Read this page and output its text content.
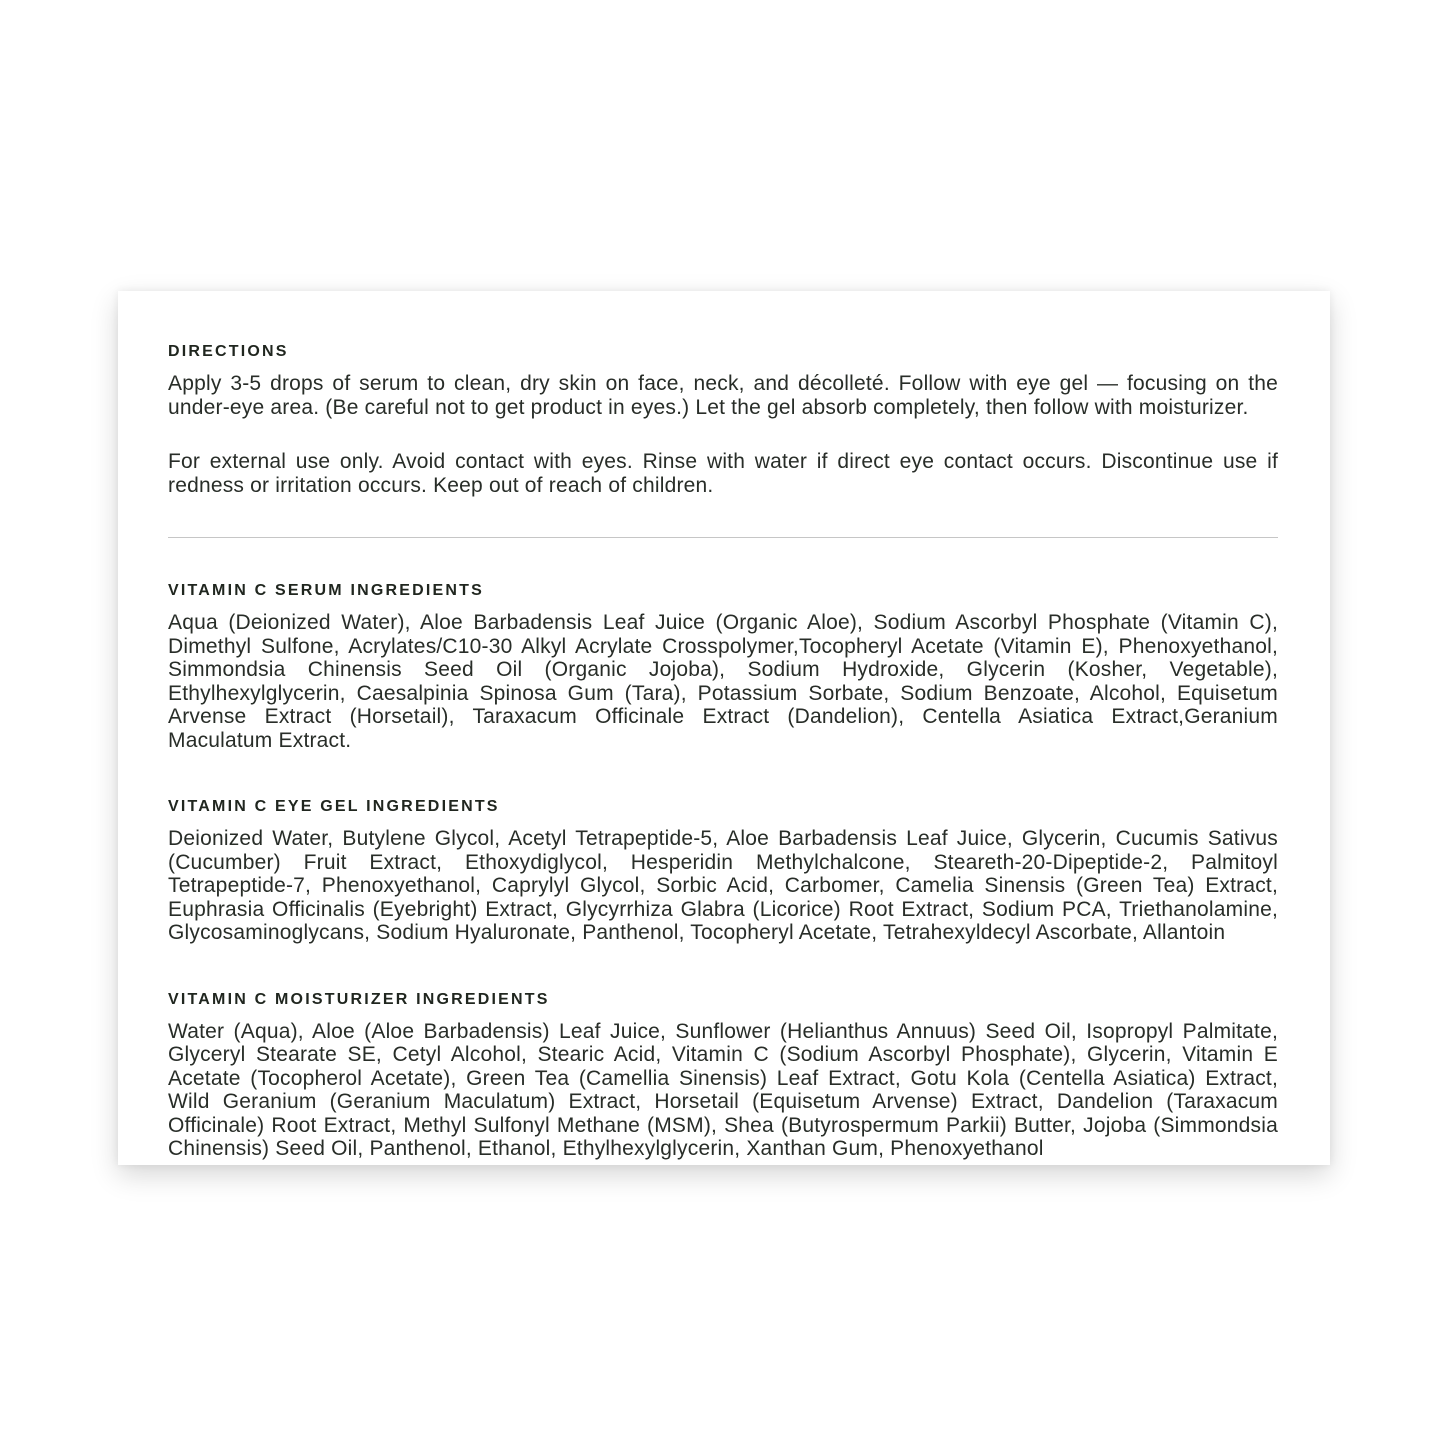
DIRECTIONS

Apply 3-5 drops of serum to clean, dry skin on face, neck, and décolleté. Follow with eye gel — focusing on the under-eye area. (Be careful not to get product in eyes.) Let the gel absorb completely, then follow with moisturizer.

For external use only. Avoid contact with eyes. Rinse with water if direct eye contact occurs. Discontinue use if redness or irritation occurs. Keep out of reach of children.

VITAMIN C SERUM INGREDIENTS

Aqua (Deionized Water), Aloe Barbadensis Leaf Juice (Organic Aloe), Sodium Ascorbyl Phosphate (Vitamin C), Dimethyl Sulfone, Acrylates/C10-30 Alkyl Acrylate Crosspolymer,Tocopheryl Acetate (Vitamin E), Phenoxyethanol, Simmondsia Chinensis Seed Oil (Organic Jojoba), Sodium Hydroxide, Glycerin (Kosher, Vegetable), Ethylhexylglycerin, Caesalpinia Spinosa Gum (Tara), Potassium Sorbate, Sodium Benzoate, Alcohol, Equisetum Arvense Extract (Horsetail), Taraxacum Officinale Extract (Dandelion), Centella Asiatica Extract,Geranium Maculatum Extract.

VITAMIN C EYE GEL INGREDIENTS

Deionized Water, Butylene Glycol, Acetyl Tetrapeptide-5, Aloe Barbadensis Leaf Juice, Glycerin, Cucumis Sativus (Cucumber) Fruit Extract, Ethoxydiglycol, Hesperidin Methylchalcone, Steareth-20-Dipeptide-2, Palmitoyl Tetrapeptide-7, Phenoxyethanol, Caprylyl Glycol, Sorbic Acid, Carbomer, Camelia Sinensis (Green Tea) Extract, Euphrasia Officinalis (Eyebright) Extract, Glycyrrhiza Glabra (Licorice) Root Extract, Sodium PCA, Triethanolamine, Glycosaminoglycans, Sodium Hyaluronate, Panthenol, Tocopheryl Acetate, Tetrahexyldecyl Ascorbate, Allantoin

VITAMIN C MOISTURIZER INGREDIENTS

Water (Aqua), Aloe (Aloe Barbadensis) Leaf Juice, Sunflower (Helianthus Annuus) Seed Oil, Isopropyl Palmitate, Glyceryl Stearate SE, Cetyl Alcohol, Stearic Acid, Vitamin C (Sodium Ascorbyl Phosphate), Glycerin, Vitamin E Acetate (Tocopherol Acetate), Green Tea (Camellia Sinensis) Leaf Extract, Gotu Kola (Centella Asiatica) Extract, Wild Geranium (Geranium Maculatum) Extract, Horsetail (Equisetum Arvense) Extract, Dandelion (Taraxacum Officinale) Root Extract, Methyl Sulfonyl Methane (MSM), Shea (Butyrospermum Parkii) Butter, Jojoba (Simmondsia Chinensis) Seed Oil, Panthenol, Ethanol, Ethylhexylglycerin, Xanthan Gum, Phenoxyethanol
